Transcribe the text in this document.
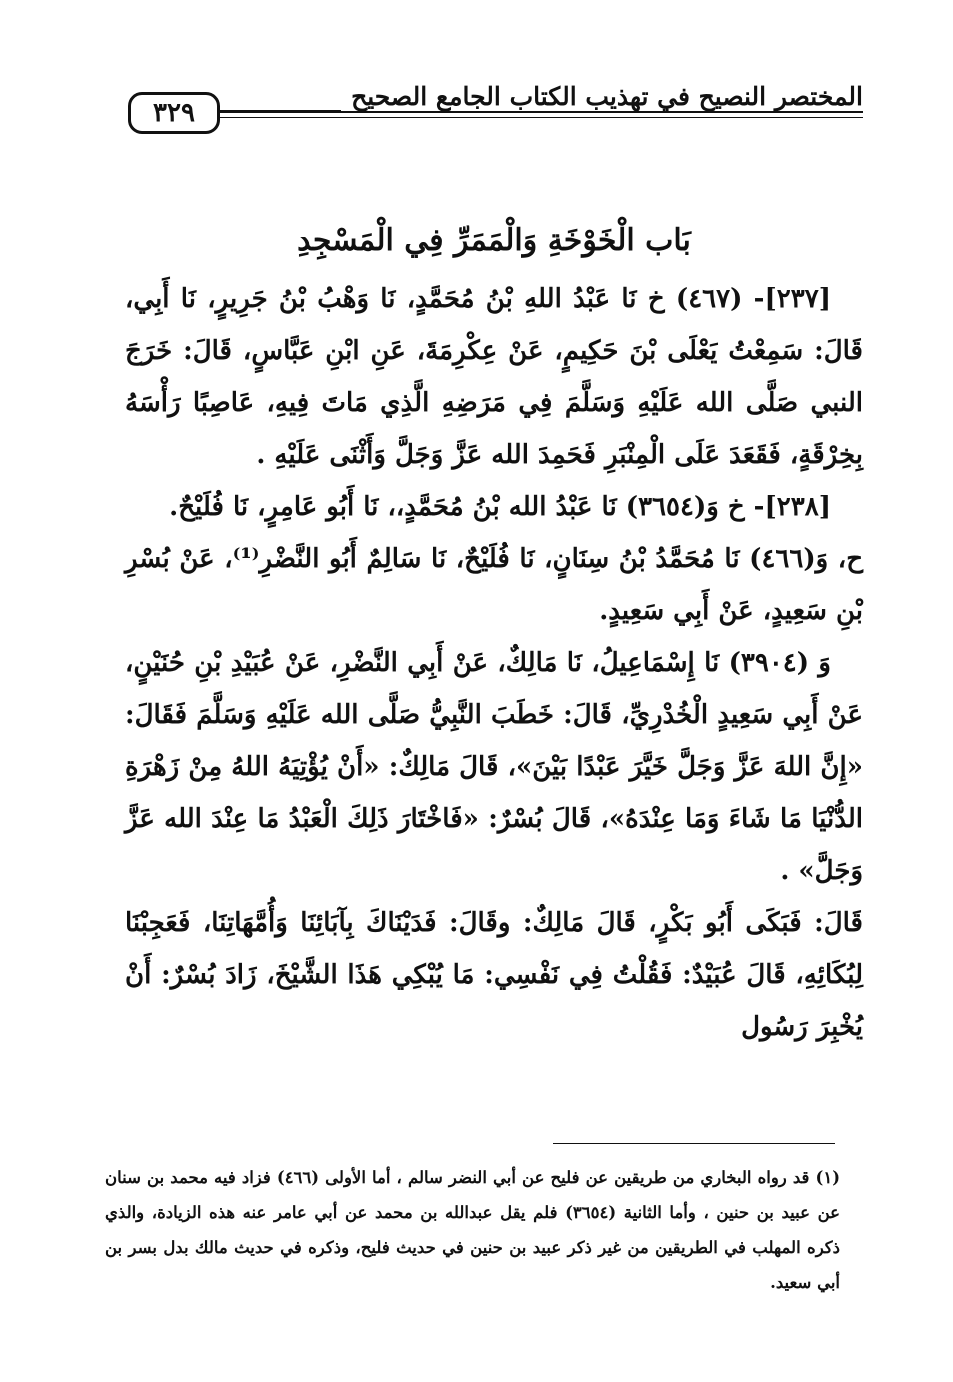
٣٢٩
المختصر النصيح في تهذيب الكتاب الجامع الصحيح
بَاب الْخَوْخَةِ وَالْمَمَرِّ فِي الْمَسْجِدِ

[٢٣٧]- (٤٦٧) خ نَا عَبْدُ اللهِ بْنُ مُحَمَّدٍ، نَا وَهْبُ بْنُ جَرِيرٍ، نَا أَبِي، قَالَ: سَمِعْتُ يَعْلَى بْنَ حَكِيمٍ، عَنْ عِكْرِمَةَ، عَنِ ابْنِ عَبَّاسٍ، قَالَ: خَرَجَ النبي صَلَّى الله عَلَيْهِ وَسَلَّمَ فِي مَرَضِهِ الَّذِي مَاتَ فِيهِ، عَاصِبًا رَأْسَهُ بِخِرْقَةٍ، فَقَعَدَ عَلَى الْمِنْبَرِ فَحَمِدَ الله عَزَّ وَجَلَّ وَأَثْنَى عَلَيْهِ .

[٢٣٨]- خ وَ(٣٦٥٤) نَا عَبْدُ الله بْنُ مُحَمَّدٍ،، نَا أَبُو عَامِرٍ، نَا فُلَيْحٌ.

ح، وَ(٤٦٦) نَا مُحَمَّدُ بْنُ سِنَانٍ، نَا فُلَيْحٌ، نَا سَالِمٌ أَبُو النَّضْرِ⁽¹⁾، عَنْ بُسْرِ بْنِ سَعِيدٍ، عَنْ أَبِي سَعِيدٍ.

وَ (٣٩٠٤) نَا إِسْمَاعِيلُ، نَا مَالِكٌ، عَنْ أَبِي النَّضْرِ، عَنْ عُبَيْدِ بْنِ حُنَيْنٍ، عَنْ أَبِي سَعِيدٍ الْخُدْرِيِّ، قَالَ: خَطَبَ النَّبِيُّ صَلَّى الله عَلَيْهِ وَسَلَّمَ فَقَالَ: «إِنَّ اللهَ عَزَّ وَجَلَّ خَيَّرَ عَبْدًا بَيْنَ»، قَالَ مَالِكٌ: «أَنْ يُؤْتِيَهُ اللهُ مِنْ زَهْرَةِ الدُّنْيَا مَا شَاءَ وَمَا عِنْدَهُ»، قَالَ بُسْرٌ: «فَاخْتَارَ ذَلِكَ الْعَبْدُ مَا عِنْدَ الله عَزَّ وَجَلَّ» .

قَالَ: فَبَكَى أَبُو بَكْرٍ، قَالَ مَالِكٌ: وقَالَ: فَدَيْنَاكَ بِآبَائِنَا وَأُمَّهَاتِنَا، فَعَجِبْنَا لِبُكَائِهِ، قَالَ عُبَيْدٌ: فَقُلْتُ فِي نَفْسِي: مَا يُبْكِي هَذَا الشَّيْخَ، زَادَ بُسْرٌ: أَنْ يُخْبِرَ رَسُول

(١) قد رواه البخاري من طريقين عن فليح عن أبي النضر سالم ، أما الأولى (٤٦٦) فزاد فيه محمد بن سنان عن عبيد بن حنين ، وأما الثانية (٣٦٥٤) فلم يقل عبدالله بن محمد عن أبي عامر عنه هذه الزيادة، والذي ذكره المهلب في الطريقين من غير ذكر عبيد بن حنين في حديث فليح، وذكره في حديث مالك بدل بسر بن أبي سعيد.
